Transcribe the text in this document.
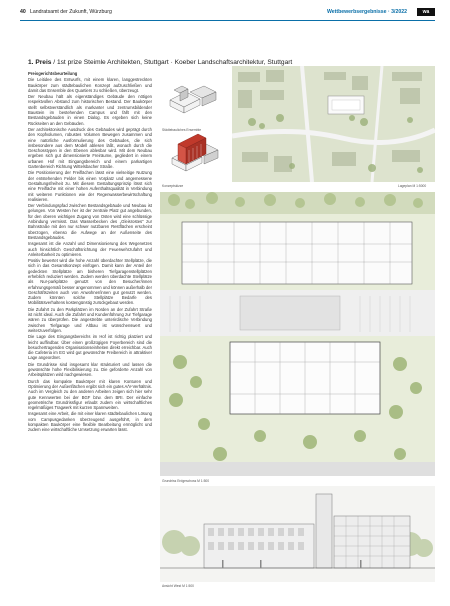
40 Landratsamt der Zukunft, Würzburg	Wettbewerbsergebnisse · 3/2022	wa
1. Preis / 1st prize Steimle Architekten, Stuttgart · Koeber Landschaftsarchitektur, Stuttgart

Preisgerichtsbeurteilung

Die Leitidee des Entwurfs, mit einem klaren, langgestreckten Baukörper zum städtebaulichen Konzept aufzuschließen und damit das Ensemble des Quartiers zu schließen, überzeugt.

Der Neubau hält als eigenständiges Gebäude den nötigen respektvollen Abstand zum historischen Bestand. Der Baukörper stellt selbstverständlich als markanter und zentrumsbildender Baustein im bestehenden Campus und fällt mit den Bestandsgebäuden in einen Dialog. Es ergeben sich keine Rückseiten an den Gebäuden.

Der architektonische Ausdruck des Gebäudes wird geprägt durch den Kopfvolumen, robustes Volumen Bewegen zusammen und eine natürliche Ausformulierung des Gebäudes, die sich insbesondere aus dem Modell ablesen läßt, wonach durch die Geschosstypen in den Ebenen ablesbar wird. Mit dem Neubau ergeben sich gut dimensionierte Freiräume, gegliedert in einem urbanen Hof mit Eingangsbereich und einem parkartigen Gartenbereich Richtung Wittelsbacher Straße.

Die Positionierung der Freiflächen lässt eine vielseitige Nutzung der entstehenden Felder bis einen Vorplatz und angemessene Gestaltungsfreiheit zu. Mit diesem Gestaltungsprinzip lösst sich eine Freifläche mit einer hohen Aufenthaltsqualität in Verbindung mit weiteren Funktionen wie der Regenwasserbewirtschaftung realisieren.

Der Verbindungspfad zwischen Bestandsgebäude und Neubau ist gelungen. Von Westen her ist der zentrale Platz gut angebunden, für den oberen wichtigen Zugang von Osten wird eine schlüssige Anbindung vermisst. Das Wasserbecken des „Gleisrostes“ zur Bahnstraße mit den nur schwer nutzbaren Restflächen erscheint überzogen, ebenso die Aufwege an der Außenseite des Bestandsgebäudes.

Insgesamt ist die Anzahl und Dimensionierung des Wegenetzes auch hinsichtlich Geschäftsrichtung der Feuerwehrzufahrt und Anleiterbarkeit zu optimieren.

Positiv bewertet wird die hohe Anzahl überdachter Stellplätze, die sich in das Gesamtkonzept einfügen. Damit kann der Anteil der gedeckten Stellplätze am bisheren Tiefgaragenstellplätzen erheblich reduziert werden. Zudem werden überdachte Stellplätze als Nur-parkplätze genutzt von den Besucher/innen erfahrungsgemäß besser angenommen und können außerhalb der Geschäftszeiten auch von Anwohner/innen gut genutzt werden. Zudem könnten solche Stellplätze Bedarfe des Mobilitätsverhaltens kostengünstig zurückgebaut werden.

Die Zufahrt zu den Parkplätzen im Norden an der Zufahrt Straße ist nicht ideal. Auch die Zufahrt und Kundenführung zur Tiefgarage wären zu überprüfen. Die angestrebte unterirdische Verbindung zwischen Tiefgarage und Altbau ist wünschenswert und weiterzuverfolgen.

Die Lage des Eingangsbereichs im Hof ist richtig platziert und leicht auffindbar. Über einen großzügigen Foyerbereich sind die besuchertragenden Organisationseinheiten direkt erreichbar. Auch die Cafeteria im EG wird gut gewünschte Freibereich in attraktiver Lage angeordnet.

Die Grundrisse sind insgesamt klar strukturiert und lassen die gewünschte hohe Flexibilisierung zu. Die geforderte Anzahl von Arbeitsplätzen wird nachgewiesen.

Durch das kompakte Baukörper mit klaren Konturen und Optimierung der Außenflächen ergibt sich ein gutes A/V-Verhältnis. Auch im Vergleich zu den anderen Arbeiten zeigen sich hier sehr gute Kennwerten bei der BGF bzw. dem BRI. Der einfache geometrische Grundrissfigur erlaubt zudem ein wirtschaftliches regelmäßiges Tragwerk mit kurzen Spannweiten.

Insgesamt eine Arbeit, die mit einer klaren städtebaulichen Lösung vom Campusgedanken überzeugend ausgeführt, in dem kompakten Baukörper eine flexible Bearbeitung ermöglicht und zudem eine wirtschaftliche Umsetzung erwarten lässt.

Städtebauliches Ensemble
Konzeptskizze	Lageplan M 1:5000
Grundriss Erdgeschoss M 1:500
Ansicht West M 1:500
